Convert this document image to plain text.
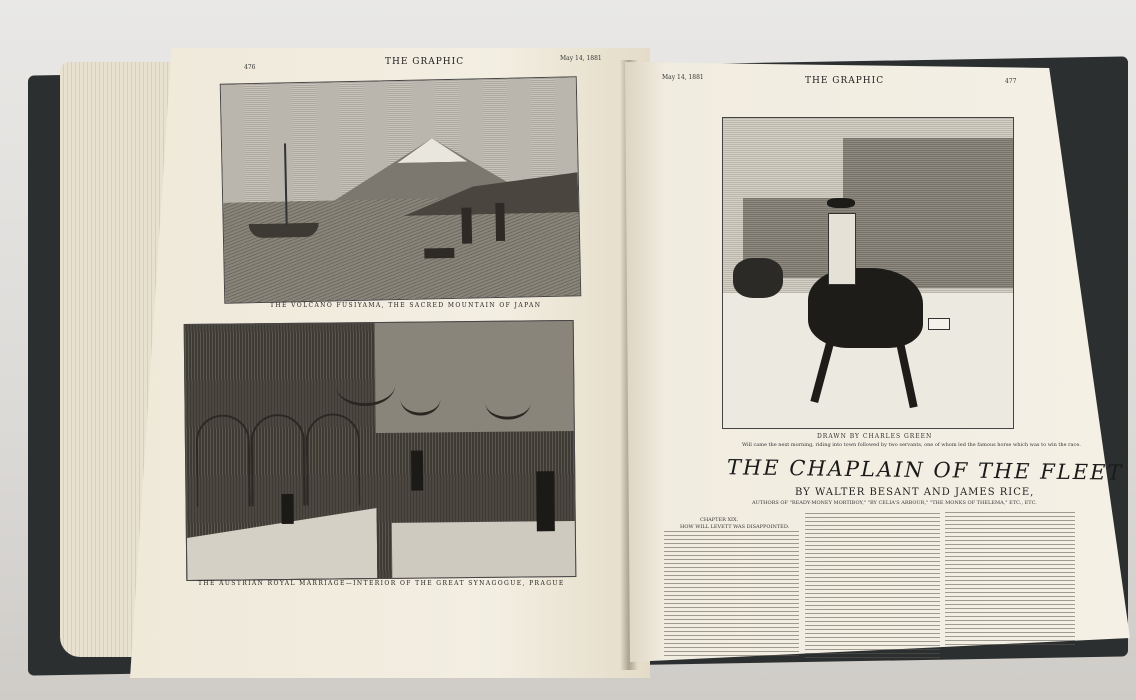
476
THE GRAPHIC	May 14, 1881
THE VOLCANO FUSIYAMA, THE SACRED MOUNTAIN OF JAPAN
THE AUSTRIAN ROYAL MARRIAGE—INTERIOR OF THE GREAT SYNAGOGUE, PRAGUE
May 14, 1881	THE GRAPHIC	477
DRAWN BY CHARLES GREEN
Will came the next morning, riding into town followed by two servants, one of whom led the famous horse which was to win the race.
THE CHAPLAIN OF THE FLEET
BY WALTER BESANT AND JAMES RICE,
AUTHORS OF "READY-MONEY MORTIBOY," "BY CELIA'S ARBOUR," "THE MONKS OF THELEMA," ETC., ETC.
CHAPTER XIX.
HOW WILL LEVETT WAS DISAPPOINTED.
